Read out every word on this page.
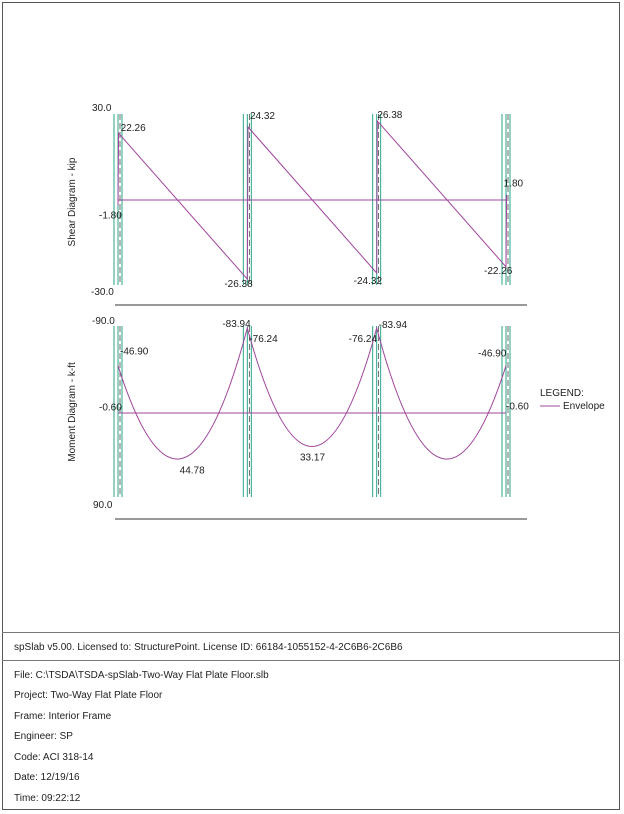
Shear Diagram - kip
Moment Diagram - k-ft
30.0
-30.0
-90.0
90.0
-1.80
22.26
-26.38
24.32
-24.32
26.38
-22.26
1.80
-0.60
-46.90
44.78
-83.94
-76.24
33.17
-76.24
-83.94
-46.90
-0.60
LEGEND:
Envelope
spSlab v5.00. Licensed to: StructurePoint. License ID: 66184-1055152-4-2C6B6-2C6B6
File: C:\TSDA\TSDA-spSlab-Two-Way Flat Plate Floor.slb
Project: Two-Way Flat Plate Floor
Frame: Interior Frame
Engineer: SP
Code: ACI 318-14
Date: 12/19/16
Time: 09:22:12
